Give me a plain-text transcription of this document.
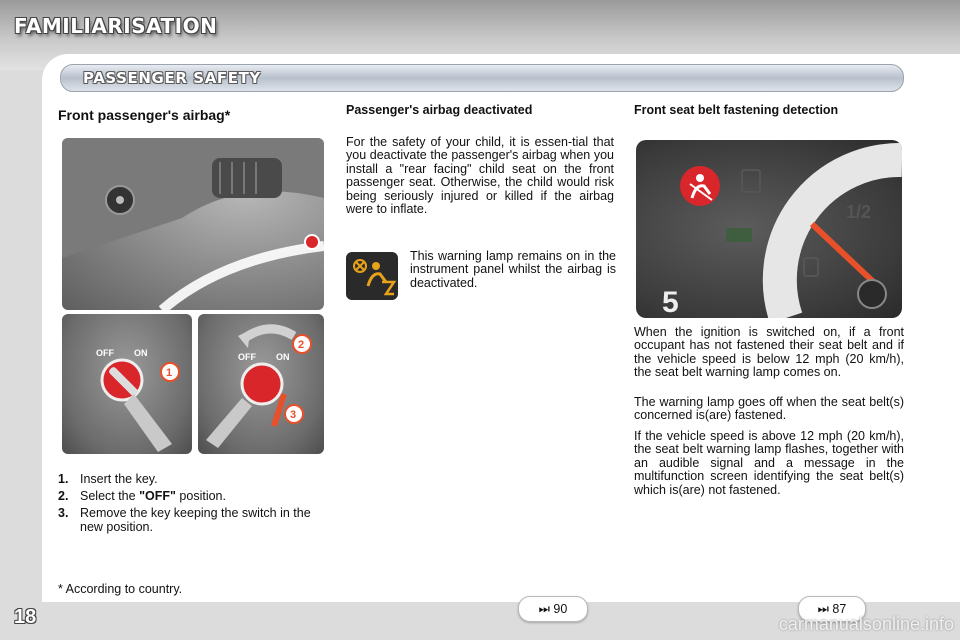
FAMILIARISATION
PASSENGER SAFETY
Front passenger's airbag*
OFF ON
1
OFF ON
2
3
1. Insert the key.
2. Select the "OFF" position.
3. Remove the key keeping the switch in the new position.
* According to country.
Passenger's airbag deactivated

For the safety of your child, it is essen-tial that you deactivate the passenger's airbag when you install a "rear facing" child seat on the front passenger seat. Otherwise, the child would risk being seriously injured or killed if the airbag were to inflate.

This warning lamp remains on in the instrument panel whilst the airbag is deactivated.

Front seat belt fastening detection
1/2
5

When the ignition is switched on, if a front occupant has not fastened their seat belt and if the vehicle speed is below 12 mph (20 km/h), the seat belt warning lamp comes on.

The warning lamp goes off when the seat belt(s) concerned is(are) fastened.

If the vehicle speed is above 12 mph (20 km/h), the seat belt warning lamp flashes, together with an audible signal and a message in the multifunction screen identifying the seat belt(s) which is(are) not fastened.

18	⏭ 90	⏭ 87
carmanualsonline.info
